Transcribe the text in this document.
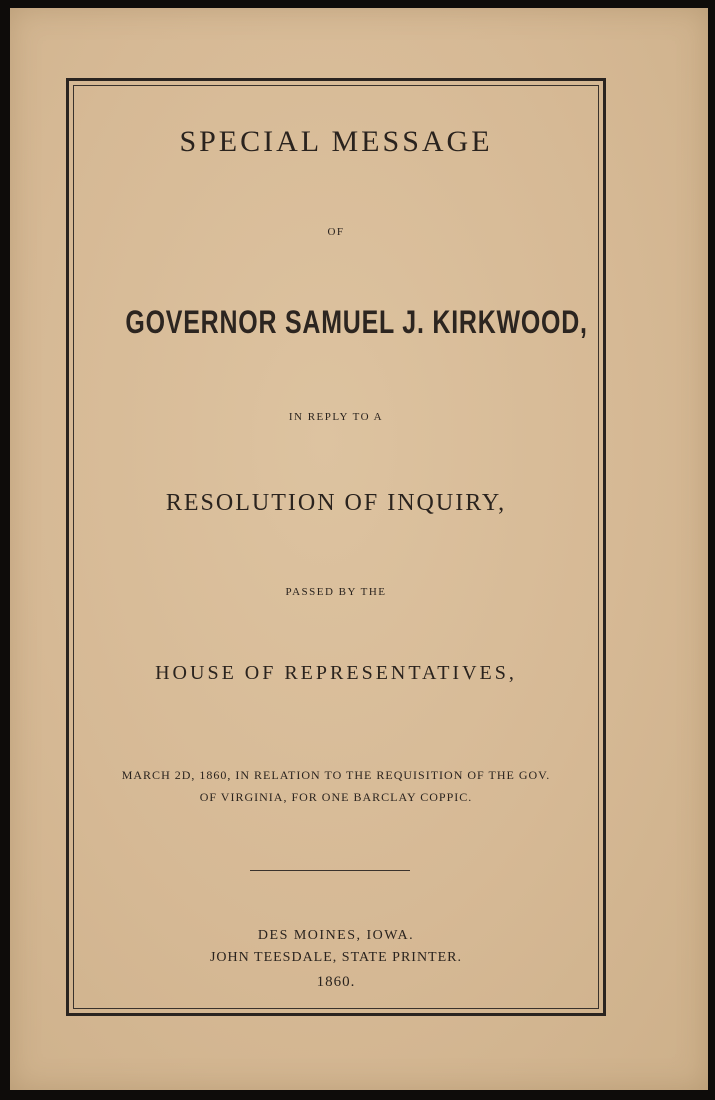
SPECIAL MESSAGE
OF
GOVERNOR SAMUEL J. KIRKWOOD,
IN REPLY TO A
RESOLUTION OF INQUIRY,
PASSED BY THE
HOUSE OF REPRESENTATIVES,
MARCH 2D, 1860, IN RELATION TO THE REQUISITION OF THE GOV.
OF VIRGINIA, FOR ONE BARCLAY COPPIC.
DES MOINES, IOWA.
JOHN TEESDALE, STATE PRINTER.
1860.
